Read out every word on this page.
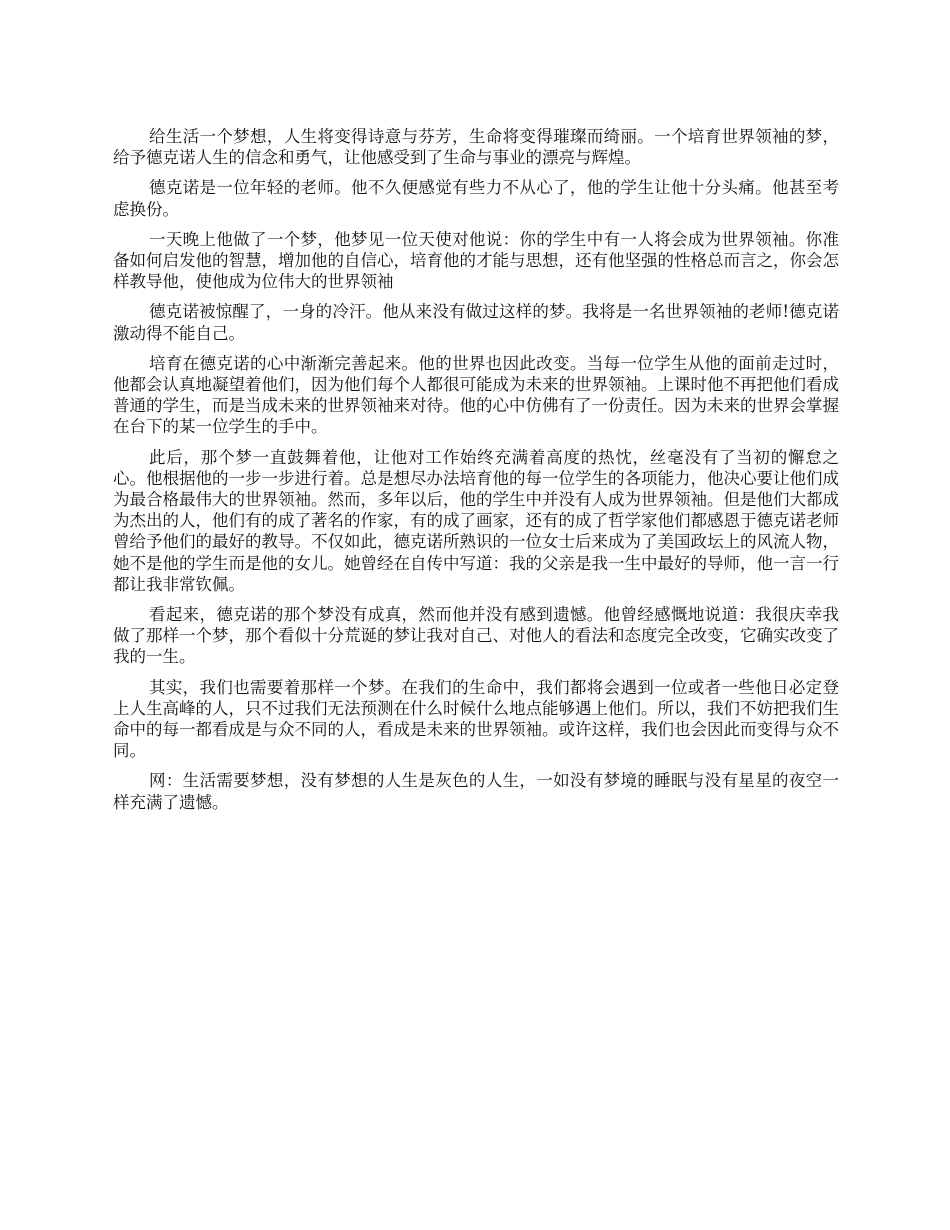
给生活一个梦想，人生将变得诗意与芬芳，生命将变得璀璨而绮丽。一个培育世界领袖的梦，给予德克诺人生的信念和勇气，让他感受到了生命与事业的漂亮与辉煌。

德克诺是一位年轻的老师。他不久便感觉有些力不从心了，他的学生让他十分头痛。他甚至考虑换份。

一天晚上他做了一个梦，他梦见一位天使对他说：你的学生中有一人将会成为世界领袖。你准备如何启发他的智慧，增加他的自信心，培育他的才能与思想，还有他坚强的性格总而言之，你会怎样教导他，使他成为位伟大的世界领袖

德克诺被惊醒了，一身的冷汗。他从来没有做过这样的梦。我将是一名世界领袖的老师!德克诺激动得不能自己。

培育在德克诺的心中渐渐完善起来。他的世界也因此改变。当每一位学生从他的面前走过时，他都会认真地凝望着他们，因为他们每个人都很可能成为未来的世界领袖。上课时他不再把他们看成普通的学生，而是当成未来的世界领袖来对待。他的心中仿佛有了一份责任。因为未来的世界会掌握在台下的某一位学生的手中。

此后，那个梦一直鼓舞着他，让他对工作始终充满着高度的热忱，丝毫没有了当初的懈怠之心。他根据他的一步一步进行着。总是想尽办法培育他的每一位学生的各项能力，他决心要让他们成为最合格最伟大的世界领袖。然而，多年以后，他的学生中并没有人成为世界领袖。但是他们大都成为杰出的人，他们有的成了著名的作家，有的成了画家，还有的成了哲学家他们都感恩于德克诺老师曾给予他们的最好的教导。不仅如此，德克诺所熟识的一位女士后来成为了美国政坛上的风流人物，她不是他的学生而是他的女儿。她曾经在自传中写道：我的父亲是我一生中最好的导师，他一言一行都让我非常钦佩。

看起来，德克诺的那个梦没有成真，然而他并没有感到遗憾。他曾经感慨地说道：我很庆幸我做了那样一个梦，那个看似十分荒诞的梦让我对自己、对他人的看法和态度完全改变，它确实改变了我的一生。

其实，我们也需要着那样一个梦。在我们的生命中，我们都将会遇到一位或者一些他日必定登上人生高峰的人，只不过我们无法预测在什么时候什么地点能够遇上他们。所以，我们不妨把我们生命中的每一都看成是与众不同的人，看成是未来的世界领袖。或许这样，我们也会因此而变得与众不同。

网：生活需要梦想，没有梦想的人生是灰色的人生，一如没有梦境的睡眠与没有星星的夜空一样充满了遗憾。
